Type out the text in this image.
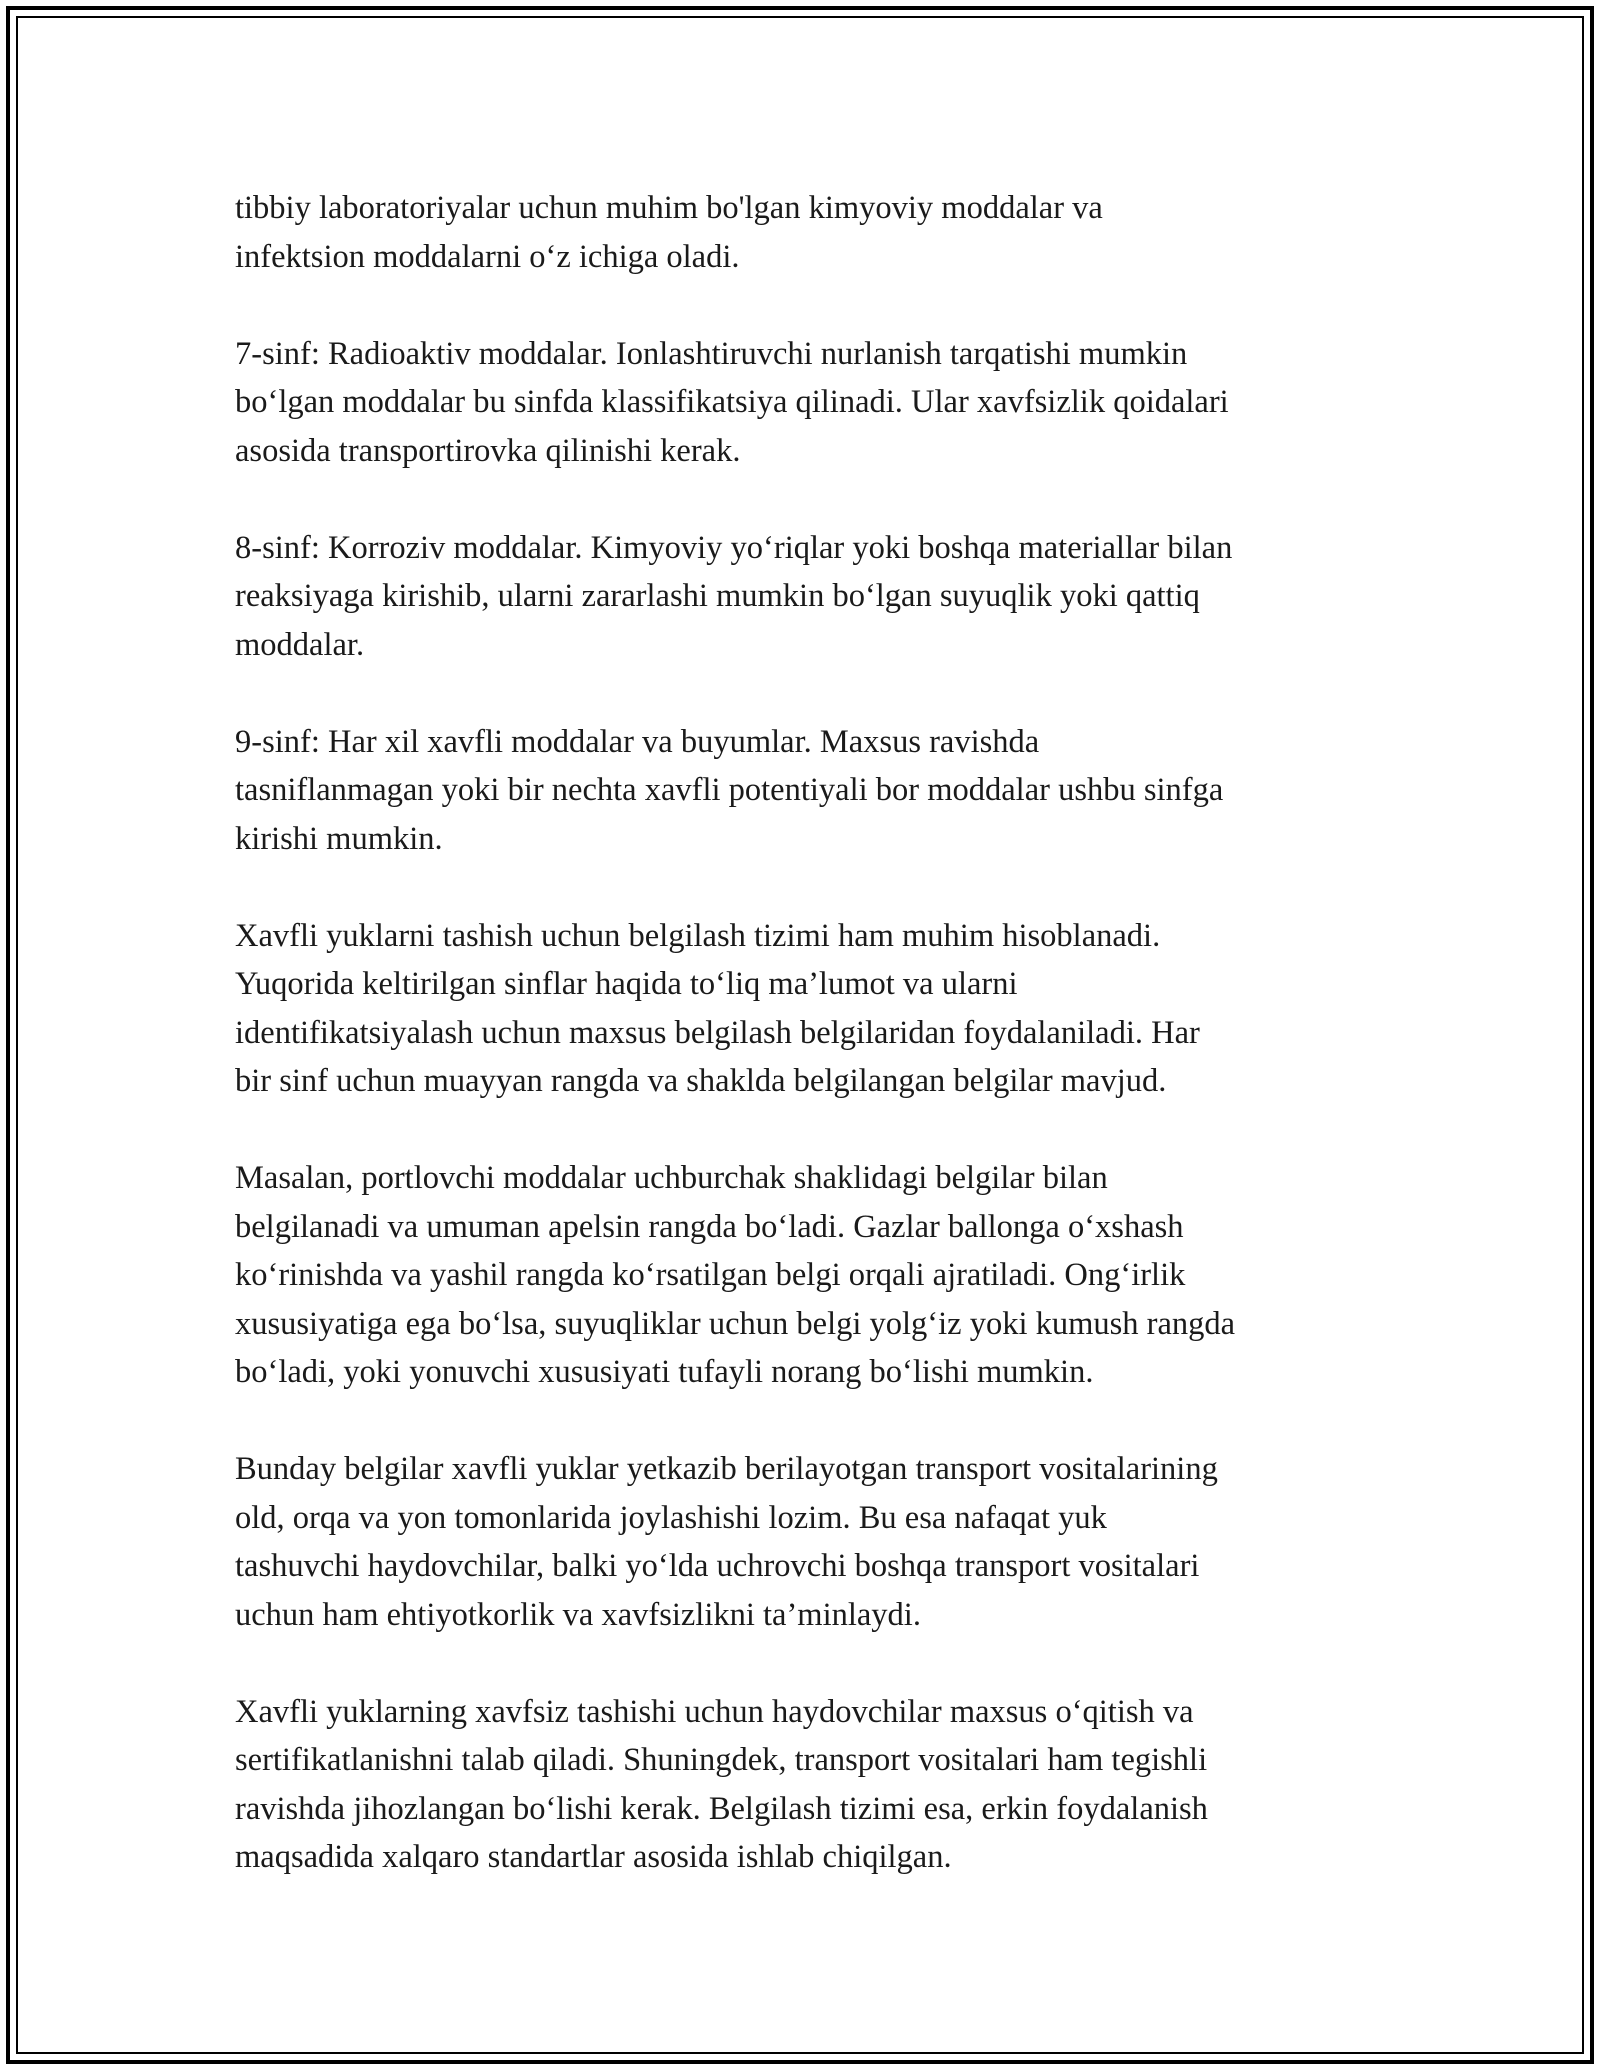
tibbiy laboratoriyalar uchun muhim bo'lgan kimyoviy moddalar va
infektsion moddalarni o‘z ichiga oladi.

7-sinf: Radioaktiv moddalar. Ionlashtiruvchi nurlanish tarqatishi mumkin
bo‘lgan moddalar bu sinfda klassifikatsiya qilinadi. Ular xavfsizlik qoidalari
asosida transportirovka qilinishi kerak.

8-sinf: Korroziv moddalar. Kimyoviy yo‘riqlar yoki boshqa materiallar bilan
reaksiyaga kirishib, ularni zararlashi mumkin bo‘lgan suyuqlik yoki qattiq
moddalar.

9-sinf: Har xil xavfli moddalar va buyumlar. Maxsus ravishda
tasniflanmagan yoki bir nechta xavfli potentiyali bor moddalar ushbu sinfga
kirishi mumkin.

Xavfli yuklarni tashish uchun belgilash tizimi ham muhim hisoblanadi.
Yuqorida keltirilgan sinflar haqida to‘liq ma’lumot va ularni
identifikatsiyalash uchun maxsus belgilash belgilaridan foydalaniladi. Har
bir sinf uchun muayyan rangda va shaklda belgilangan belgilar mavjud.

Masalan, portlovchi moddalar uchburchak shaklidagi belgilar bilan
belgilanadi va umuman apelsin rangda bo‘ladi. Gazlar ballonga o‘xshash
ko‘rinishda va yashil rangda ko‘rsatilgan belgi orqali ajratiladi. Ong‘irlik
xususiyatiga ega bo‘lsa, suyuqliklar uchun belgi yolg‘iz yoki kumush rangda
bo‘ladi, yoki yonuvchi xususiyati tufayli norang bo‘lishi mumkin.

Bunday belgilar xavfli yuklar yetkazib berilayotgan transport vositalarining
old, orqa va yon tomonlarida joylashishi lozim. Bu esa nafaqat yuk
tashuvchi haydovchilar, balki yo‘lda uchrovchi boshqa transport vositalari
uchun ham ehtiyotkorlik va xavfsizlikni ta’minlaydi.

Xavfli yuklarning xavfsiz tashishi uchun haydovchilar maxsus o‘qitish va
sertifikatlanishni talab qiladi. Shuningdek, transport vositalari ham tegishli
ravishda jihozlangan bo‘lishi kerak. Belgilash tizimi esa, erkin foydalanish
maqsadida xalqaro standartlar asosida ishlab chiqilgan.
